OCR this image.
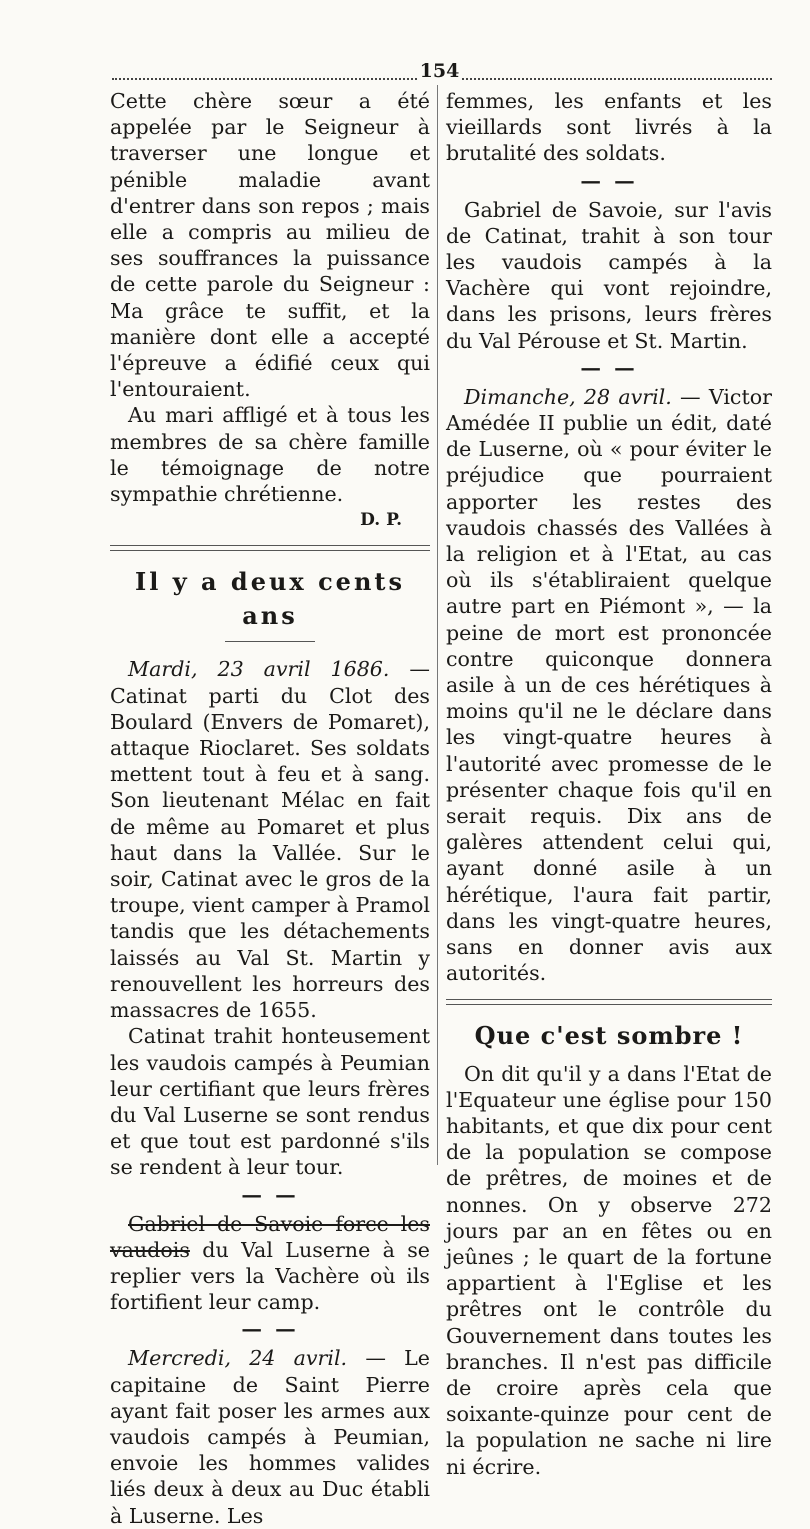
154

Cette chère sœur a été appelée par le Seigneur à traverser une longue et pénible maladie avant d'entrer dans son repos ; mais elle a compris au milieu de ses souffrances la puissance de cette parole du Seigneur : Ma grâce te suffit, et la manière dont elle a accepté l'épreuve a édifié ceux qui l'entouraient.

Au mari affligé et à tous les membres de sa chère famille le témoignage de notre sympathie chrétienne.

D. P.

Il y a deux cents ans

Mardi, 23 avril 1686. — Catinat parti du Clot des Boulard (Envers de Pomaret), attaque Rioclaret. Ses soldats mettent tout à feu et à sang. Son lieutenant Mélac en fait de même au Pomaret et plus haut dans la Vallée. Sur le soir, Catinat avec le gros de la troupe, vient camper à Pramol tandis que les détachements laissés au Val St. Martin y renouvellent les horreurs des massacres de 1655.

Catinat trahit honteusement les vaudois campés à Peumian leur certifiant que leurs frères du Val Luserne se sont rendus et que tout est pardonné s'ils se rendent à leur tour.

— —

Gabriel de Savoie force les vaudois du Val Luserne à se replier vers la Vachère où ils fortifient leur camp.

— —

Mercredi, 24 avril. — Le capitaine de Saint Pierre ayant fait poser les armes aux vaudois campés à Peumian, envoie les hommes valides liés deux à deux au Duc établi à Luserne. Les

femmes, les enfants et les vieillards sont livrés à la brutalité des soldats.

— —

Gabriel de Savoie, sur l'avis de Catinat, trahit à son tour les vaudois campés à la Vachère qui vont rejoindre, dans les prisons, leurs frères du Val Pérouse et St. Martin.

— —

Dimanche, 28 avril. — Victor Amédée II publie un édit, daté de Luserne, où « pour éviter le préjudice que pourraient apporter les restes des vaudois chassés des Vallées à la religion et à l'Etat, au cas où ils s'établiraient quelque autre part en Piémont », — la peine de mort est prononcée contre quiconque donnera asile à un de ces hérétiques à moins qu'il ne le déclare dans les vingt-quatre heures à l'autorité avec promesse de le présenter chaque fois qu'il en serait requis. Dix ans de galères attendent celui qui, ayant donné asile à un hérétique, l'aura fait partir, dans les vingt-quatre heures, sans en donner avis aux autorités.

Que c'est sombre !

On dit qu'il y a dans l'Etat de l'Equateur une église pour 150 habitants, et que dix pour cent de la population se compose de prêtres, de moines et de nonnes. On y observe 272 jours par an en fêtes ou en jeûnes ; le quart de la fortune appartient à l'Eglise et les prêtres ont le contrôle du Gouvernement dans toutes les branches. Il n'est pas difficile de croire après cela que soixante-quinze pour cent de la population ne sache ni lire ni écrire.
